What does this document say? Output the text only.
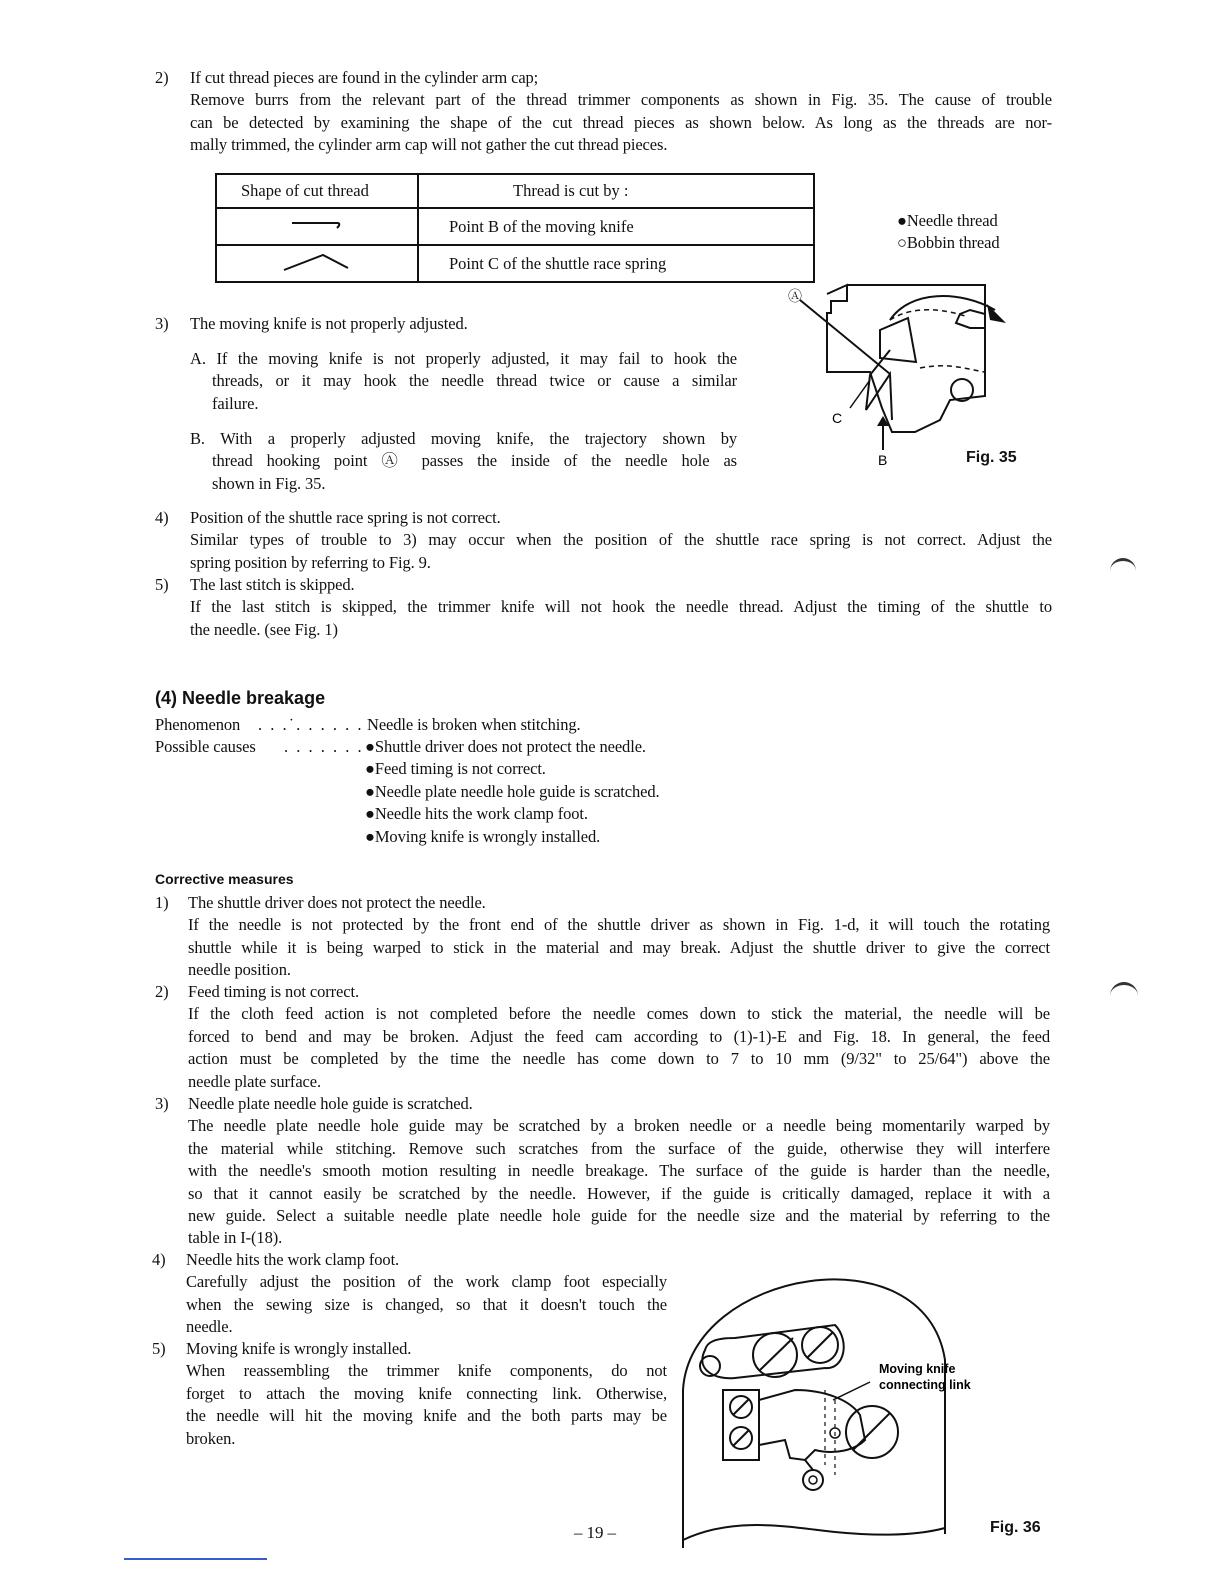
2) If cut thread pieces are found in the cylinder arm cap;
Remove burrs from the relevant part of the thread trimmer components as shown in Fig. 35. The cause of trouble
can be detected by examining the shape of the cut thread pieces as shown below. As long as the threads are nor-
mally trimmed, the cylinder arm cap will not gather the cut thread pieces.
Shape of cut thread	Thread is cut by :
	Point B of the moving knife
	Point C of the shuttle race spring
●Needle thread
○Bobbin thread
Ⓐ
C
B	Fig. 35
3) The moving knife is not properly adjusted.
A. If the moving knife is not properly adjusted, it may fail to hook the
threads, or it may hook the needle thread twice or cause a similar
failure.
B. With a properly adjusted moving knife, the trajectory shown by
thread hooking point Ⓐ passes the inside of the needle hole as
shown in Fig. 35.
4) Position of the shuttle race spring is not correct.
Similar types of trouble to 3) may occur when the position of the shuttle race spring is not correct. Adjust the
spring position by referring to Fig. 9.
5) The last stitch is skipped.
If the last stitch is skipped, the trimmer knife will not hook the needle thread. Adjust the timing of the shuttle to
the needle. (see Fig. 1)
(4) Needle breakage
Phenomenon . . .˙. . . . . . Needle is broken when stitching.
Possible causes . . . . . . . ●Shuttle driver does not protect the needle.
●Feed timing is not correct.
●Needle plate needle hole guide is scratched.
●Needle hits the work clamp foot.
●Moving knife is wrongly installed.
Corrective measures
1) The shuttle driver does not protect the needle.
If the needle is not protected by the front end of the shuttle driver as shown in Fig. 1-d, it will touch the rotating
shuttle while it is being warped to stick in the material and may break. Adjust the shuttle driver to give the correct
needle position.
2) Feed timing is not correct.
If the cloth feed action is not completed before the needle comes down to stick the material, the needle will be
forced to bend and may be broken. Adjust the feed cam according to (1)-1)-E and Fig. 18. In general, the feed
action must be completed by the time the needle has come down to 7 to 10 mm (9/32" to 25/64") above the
needle plate surface.
3) Needle plate needle hole guide is scratched.
The needle plate needle hole guide may be scratched by a broken needle or a needle being momentarily warped by
the material while stitching. Remove such scratches from the surface of the guide, otherwise they will interfere
with the needle's smooth motion resulting in needle breakage. The surface of the guide is harder than the needle,
so that it cannot easily be scratched by the needle. However, if the guide is critically damaged, replace it with a
new guide. Select a suitable needle plate needle hole guide for the needle size and the material by referring to the
table in I-(18).
4) Needle hits the work clamp foot.
Carefully adjust the position of the work clamp foot especially
when the sewing size is changed, so that it doesn't touch the
needle.
5) Moving knife is wrongly installed.
When reassembling the trimmer knife components, do not
forget to attach the moving knife connecting link. Otherwise,
the needle will hit the moving knife and the both parts may be
broken.
Moving knife
connecting link
Fig. 36
– 19 –
